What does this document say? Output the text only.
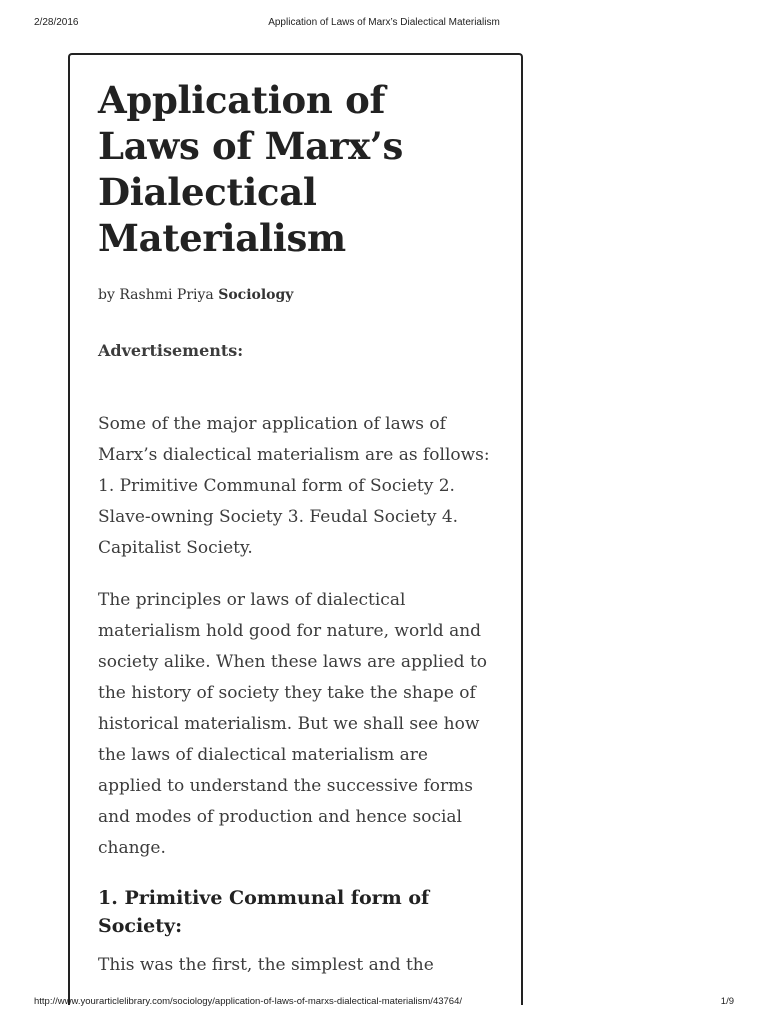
2/28/2016	Application of Laws of Marx’s Dialectical Materialism
Application of Laws of Marx’s Dialectical Materialism
by Rashmi Priya Sociology
Advertisements:

Some of the major application of laws of Marx’s dialectical materialism are as follows: 1. Primitive Communal form of Society 2. Slave-owning Society 3. Feudal Society 4. Capitalist Society.

The principles or laws of dialectical materialism hold good for nature, world and society alike. When these laws are applied to the history of society they take the shape of historical materialism. But we shall see how the laws of dialectical materialism are applied to understand the successive forms and modes of production and hence social change.

1. Primitive Communal form of Society:

This was the first, the simplest and the

http://www.yourarticlelibrary.com/sociology/application-of-laws-of-marxs-dialectical-materialism/43764/	1/9
